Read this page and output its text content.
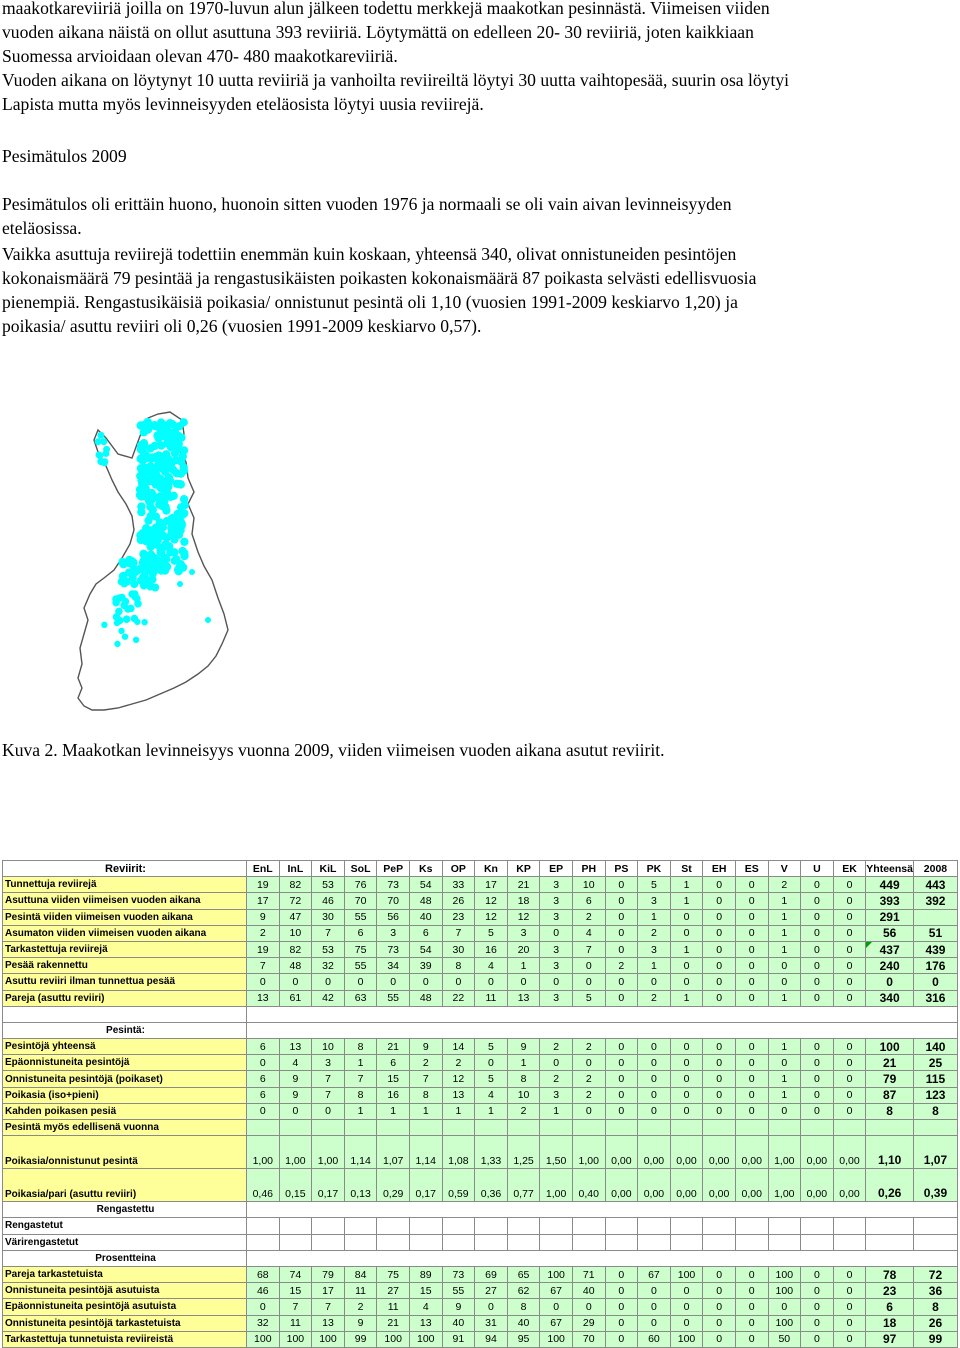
maakotkareviiriä joilla on 1970-luvun alun jälkeen todettu merkkejä maakotkan pesinnästä. Viimeisen viiden
vuoden aikana näistä on ollut asuttuna 393 reviiriä. Löytymättä on edelleen 20- 30 reviiriä, joten kaikkiaan
Suomessa arvioidaan olevan 470- 480 maakotkareviiriä.
Vuoden aikana on löytynyt 10 uutta reviiriä ja vanhoilta reviireiltä löytyi 30 uutta vaihtopesää, suurin osa löytyi
Lapista mutta myös levinneisyyden eteläosista löytyi uusia reviirejä.
Pesimätulos 2009
Pesimätulos oli erittäin huono, huonoin sitten vuoden 1976 ja normaali se oli vain aivan levinneisyyden
eteläosissa.
Vaikka asuttuja reviirejä todettiin enemmän kuin koskaan, yhteensä 340, olivat onnistuneiden pesintöjen
kokonaismäärä 79 pesintää ja rengastusikäisten poikasten kokonaismäärä 87 poikasta selvästi edellisvuosia
pienempiä. Rengastusikäisiä poikasia/ onnistunut pesintä oli 1,10 (vuosien 1991-2009 keskiarvo 1,20) ja
poikasia/ asuttu reviiri oli 0,26 (vuosien 1991-2009 keskiarvo 0,57).
Kuva 2. Maakotkan levinneisyys vuonna 2009, viiden viimeisen vuoden aikana asutut reviirit.
Reviirit:	EnL	InL	KiL	SoL	PeP	Ks	OP	Kn	KP	EP	PH	PS	PK	St	EH	ES	V	U	EK	Yhteensä	2008
Tunnettuja reviirejä	19	82	53	76	73	54	33	17	21	3	10	0	5	1	0	0	2	0	0	449	443
Asuttuna viiden viimeisen vuoden aikana	17	72	46	70	70	48	26	12	18	3	6	0	3	1	0	0	1	0	0	393	392
Pesintä viiden viimeisen vuoden aikana	9	47	30	55	56	40	23	12	12	3	2	0	1	0	0	0	1	0	0	291	
Asumaton viiden viimeisen vuoden aikana	2	10	7	6	3	6	7	5	3	0	4	0	2	0	0	0	1	0	0	56	51
Tarkastettuja reviirejä	19	82	53	75	73	54	30	16	20	3	7	0	3	1	0	0	1	0	0	437	439
Pesää rakennettu	7	48	32	55	34	39	8	4	1	3	0	2	1	0	0	0	0	0	0	240	176
Asuttu reviiri ilman tunnettua pesää	0	0	0	0	0	0	0	0	0	0	0	0	0	0	0	0	0	0	0	0	0
Pareja (asuttu reviiri)	13	61	42	63	55	48	22	11	13	3	5	0	2	1	0	0	1	0	0	340	316

Pesintä:																					
Pesintöjä yhteensä	6	13	10	8	21	9	14	5	9	2	2	0	0	0	0	0	1	0	0	100	140
Epäonnistuneita pesintöjä	0	4	3	1	6	2	2	0	1	0	0	0	0	0	0	0	0	0	0	21	25
Onnistuneita pesintöjä (poikaset)	6	9	7	7	15	7	12	5	8	2	2	0	0	0	0	0	1	0	0	79	115
Poikasia (iso+pieni)	6	9	7	8	16	8	13	4	10	3	2	0	0	0	0	0	1	0	0	87	123
Kahden poikasen pesiä	0	0	0	1	1	1	1	1	2	1	0	0	0	0	0	0	0	0	0	8	8
Pesintä myös edellisenä vuonna																					
Poikasia/onnistunut pesintä	1,00	1,00	1,00	1,14	1,07	1,14	1,08	1,33	1,25	1,50	1,00	0,00	0,00	0,00	0,00	0,00	1,00	0,00	0,00	1,10	1,07
Poikasia/pari (asuttu reviiri)	0,46	0,15	0,17	0,13	0,29	0,17	0,59	0,36	0,77	1,00	0,40	0,00	0,00	0,00	0,00	0,00	1,00	0,00	0,00	0,26	0,39
Rengastettu																					
Rengastetut																					
Värirengastetut																					
Prosentteina																					
Pareja tarkastetuista	68	74	79	84	75	89	73	69	65	100	71	0	67	100	0	0	100	0	0	78	72
Onnistuneita pesintöjä asutuista	46	15	17	11	27	15	55	27	62	67	40	0	0	0	0	0	100	0	0	23	36
Epäonnistuneita pesintöjä asutuista	0	7	7	2	11	4	9	0	8	0	0	0	0	0	0	0	0	0	0	6	8
Onnistuneita pesintöjä tarkastetuista	32	11	13	9	21	13	40	31	40	67	29	0	0	0	0	0	100	0	0	18	26
Tarkastettuja tunnetuista reviireistä	100	100	100	99	100	100	91	94	95	100	70	0	60	100	0	0	50	0	0	97	99
